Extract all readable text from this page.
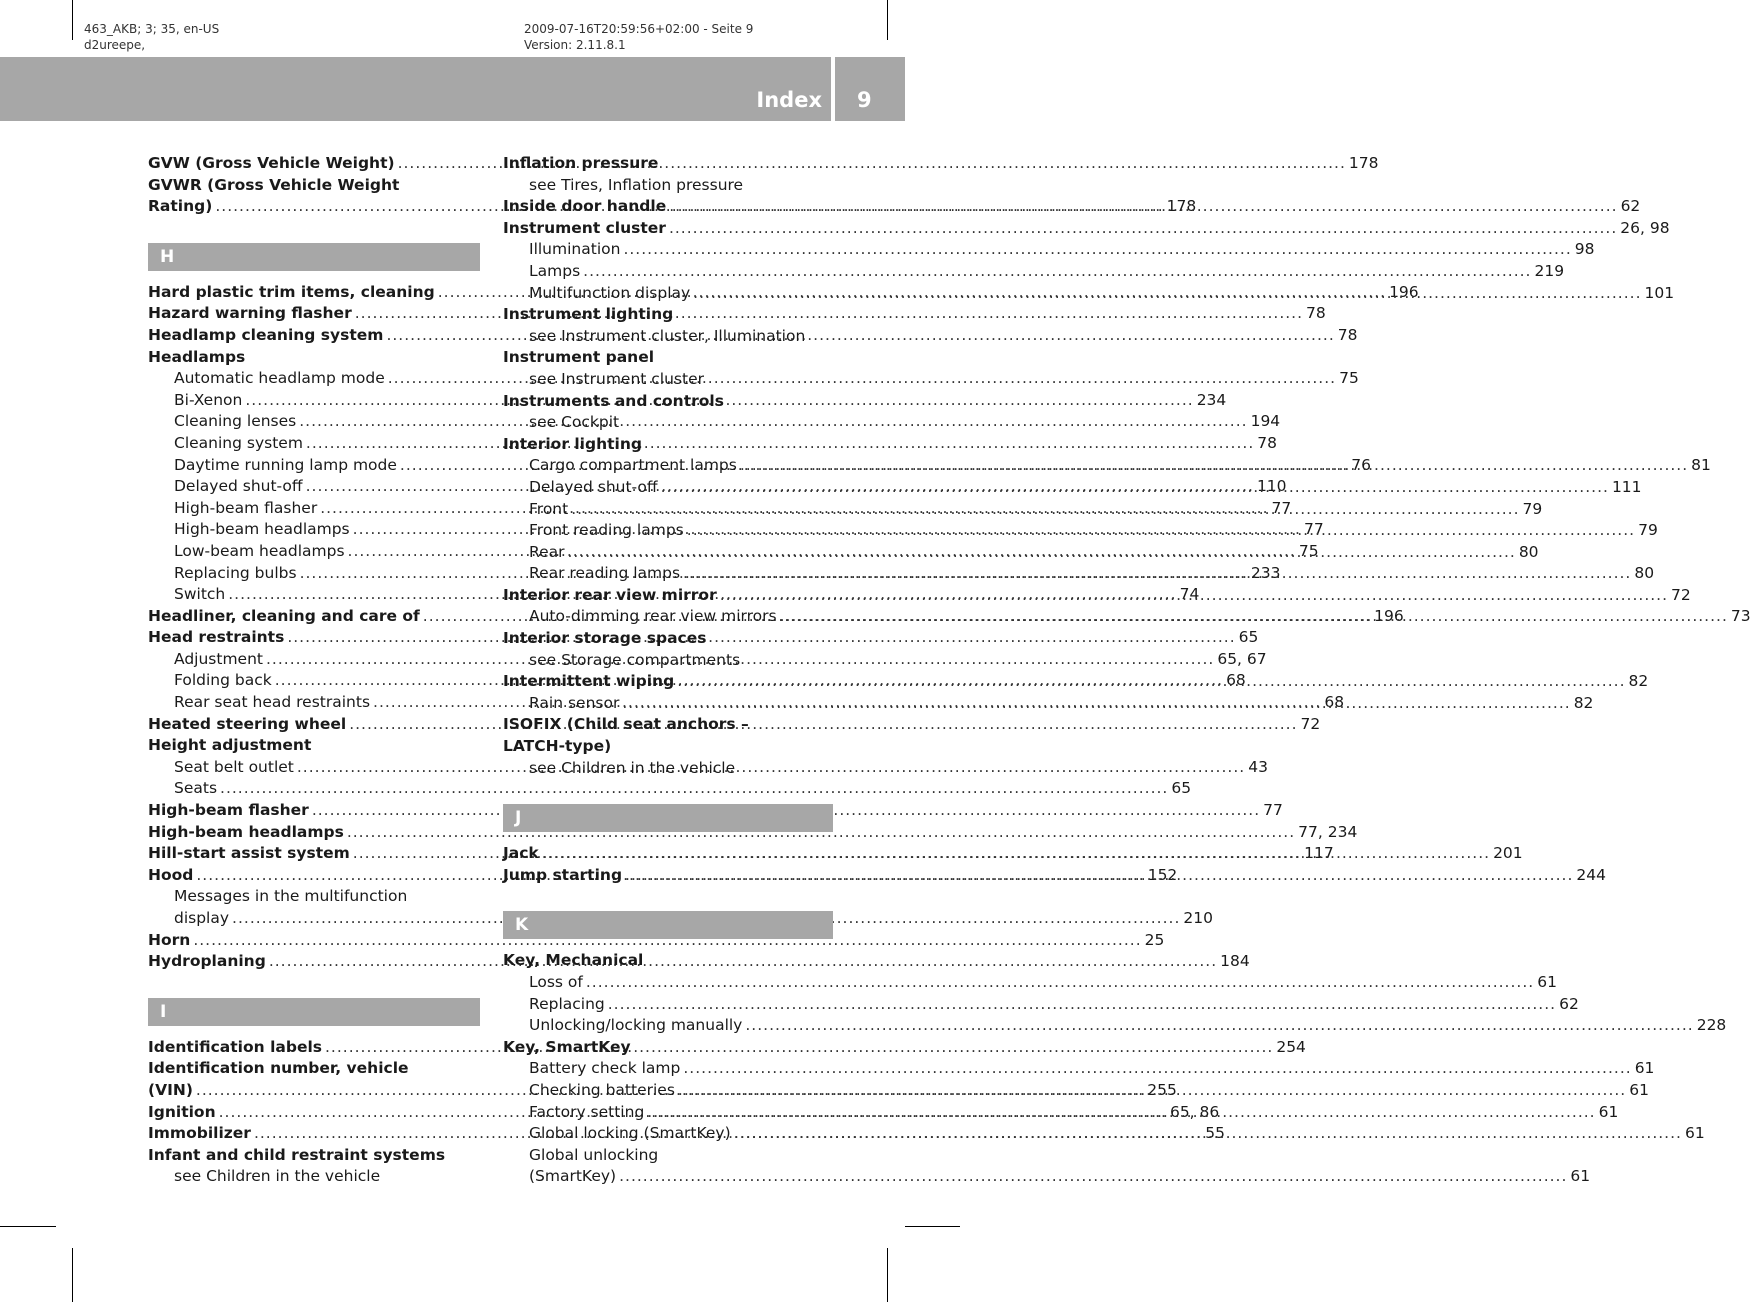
463_AKB; 3; 35, en-US
d2ureepe,
2009-07-16T20:59:56+02:00 - Seite 9
Version: 2.11.8.1
Index 9
GVW (Gross Vehicle Weight) .....	178
GVWR (Gross Vehicle Weight
Rating) .....	178
H
Hard plastic trim items, cleaning .....	196
Hazard warning flasher .....	78
Headlamp cleaning system .....	78
Headlamps
Automatic headlamp mode .....	75
Bi-Xenon .....	234
Cleaning lenses .....	194
Cleaning system .....	78
Daytime running lamp mode .....	76
Delayed shut-off .....	110
High-beam flasher .....	77
High-beam headlamps .....	77
Low-beam headlamps .....	75
Replacing bulbs .....	233
Switch .....	74
Headliner, cleaning and care of .....	196
Head restraints .....	65
Adjustment .....	65, 67
Folding back .....	68
Rear seat head restraints .....	68
Heated steering wheel .....	72
Height adjustment
Seat belt outlet .....	43
Seats .....	65
High-beam flasher .....	77
High-beam headlamps .....	77, 234
Hill-start assist system .....	117
Hood .....	152
Messages in the multifunction
display .....	210
Horn .....	25
Hydroplaning .....	184
I
Identification labels .....	254
Identification number, vehicle
(VIN) .....	255
Ignition .....	65, 86
Immobilizer .....	55
Infant and child restraint systems
see Children in the vehicle
Inflation pressure
see Tires, Inflation pressure
Inside door handle .....	62
Instrument cluster .....	26, 98
Illumination .....	98
Lamps .....	219
Multifunction display .....	101
Instrument lighting
see Instrument cluster, Illumination
Instrument panel
see Instrument cluster
Instruments and controls
see Cockpit
Interior lighting
Cargo compartment lamps .....	81
Delayed shut-off .....	111
Front .....	79
Front reading lamps .....	79
Rear .....	80
Rear reading lamps .....	80
Interior rear view mirror .....	72
Auto-dimming rear view mirrors .....	73
Interior storage spaces
see Storage compartments
Intermittent wiping .....	82
Rain sensor .....	82
ISOFIX (Child seat anchors –
LATCH-type)
see Children in the vehicle
J
Jack .....	201
Jump starting .....	244
K
Key, Mechanical
Loss of .....	61
Replacing .....	62
Unlocking/locking manually .....	228
Key, SmartKey
Battery check lamp .....	61
Checking batteries .....	61
Factory setting .....	61
Global locking (SmartKey) .....	61
Global unlocking
(SmartKey) .....	61
